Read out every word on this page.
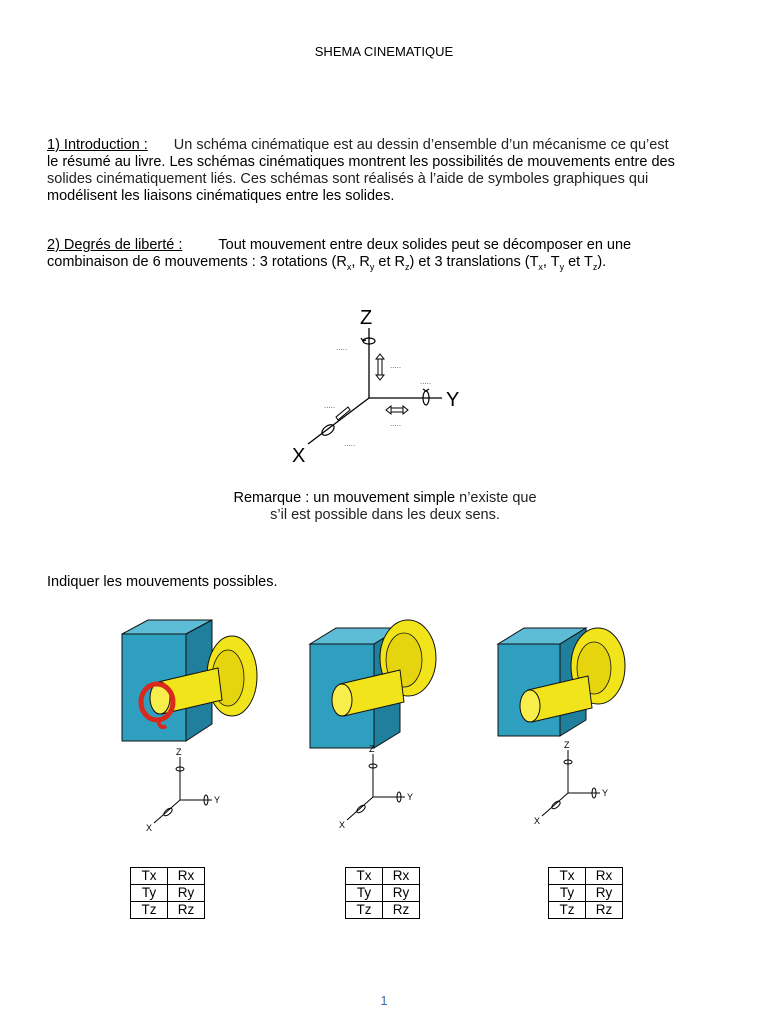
SHEMA CINEMATIQUE
1) Introduction : Un schéma cinématique est au dessin d’ensemble d’un mécanisme ce qu’est
le résumé au livre. Les schémas cinématiques montrent les possibilités de mouvements entre des
solides cinématiquement liés. Ces schémas sont réalisés à l’aide de symboles graphiques qui
modélisent les liaisons cinématiques entre les solides.
2) Degrés de liberté : Tout mouvement entre deux solides peut se décomposer en une
combinaison de 6 mouvements : 3 rotations ($R_x$, $R_y$ et $R_z$) et 3 translations ($T_x$, $T_y$ et $T_z$).
Z
Y
X
.....
.....
.....
.....
.....
.....
Remarque : un mouvement simple n’existe que
s’il est possible dans les deux sens.
Indiquer les mouvements possibles.
Z
Y
X
Z
Y
X
Z
Y
X
Tx	Rx
Ty	Ry
Tz	Rz
Tx	Rx
Ty	Ry
Tz	Rz
Tx	Rx
Ty	Ry
Tz	Rz
1
